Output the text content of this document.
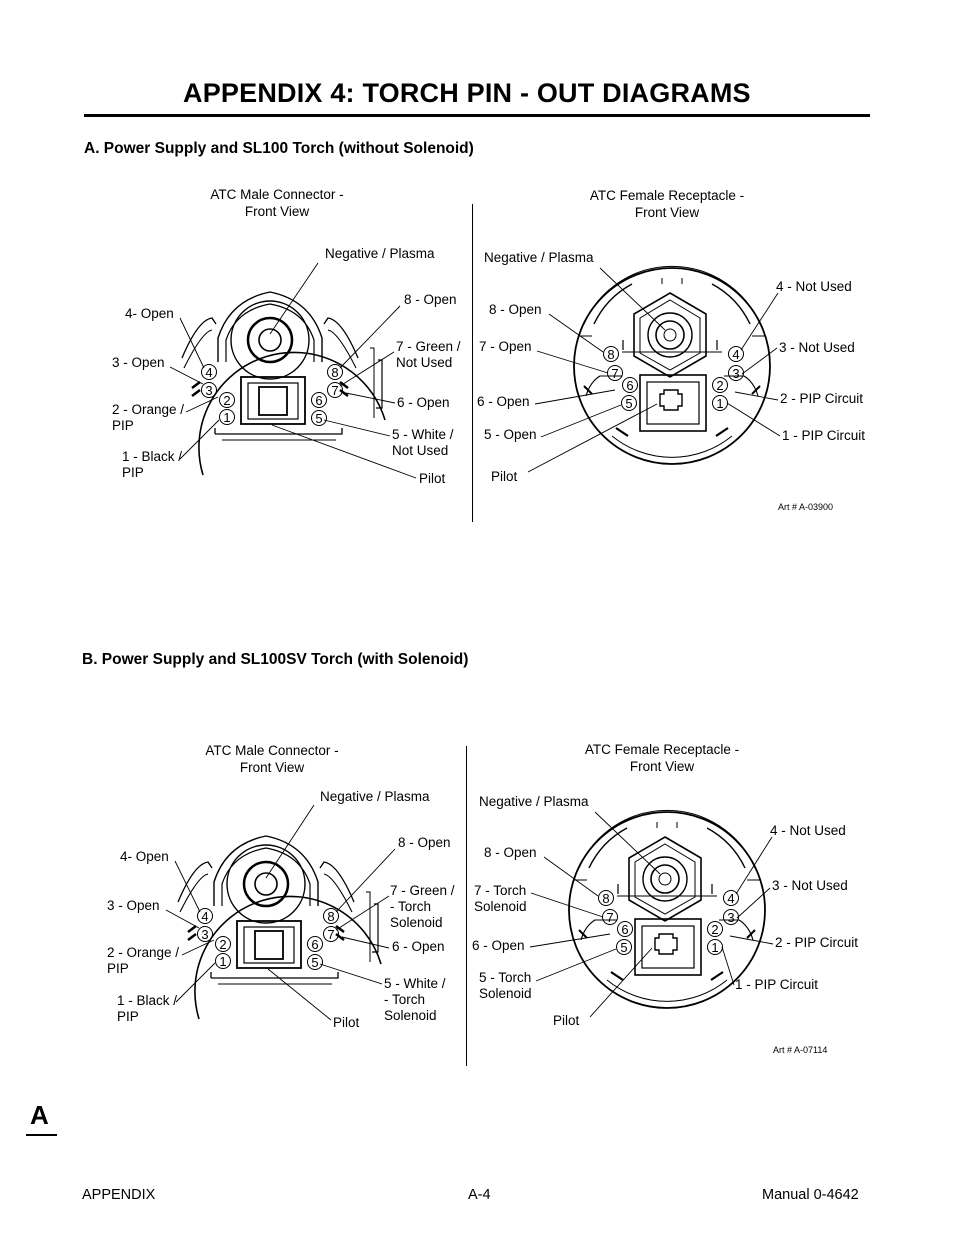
APPENDIX 4: TORCH PIN - OUT DIAGRAMS
A. Power Supply and SL100 Torch (without Solenoid)
ATC Male Connector -
Front View
ATC Female Receptacle -
Front View
Negative / Plasma
4- Open
3 - Open
2 - Orange /
PIP
1 - Black /
PIP
8 - Open
7 - Green /
Not Used
6 - Open
5 - White /
Not Used
Pilot
Negative / Plasma
8 - Open
7 - Open
6 - Open
5 - Open
Pilot
4 - Not Used
3 - Not Used
2 - PIP Circuit
1 - PIP Circuit
Art # A-03900
B. Power Supply and SL100SV Torch (with Solenoid)
ATC Male Connector -
Front View
ATC Female Receptacle -
Front View
Negative / Plasma
4- Open
3 - Open
2 - Orange /
PIP
1 - Black /
PIP
8 - Open
7 - Green /
- Torch
Solenoid
6 - Open
5 - White /
- Torch
Solenoid
Pilot
Negative / Plasma
8 - Open
7 - Torch
Solenoid
6 - Open
5 - Torch
Solenoid
Pilot
4 - Not Used
3 - Not Used
2 - PIP Circuit
1 - PIP Circuit
Art # A-07114
4
3
2
1
6
5
8
7
8
7
6
5
4
3
2
1
4
3
2
1
6
5
8
7
8
7
6
5
4
3
2
1
A
APPENDIX	A-4	Manual 0-4642
